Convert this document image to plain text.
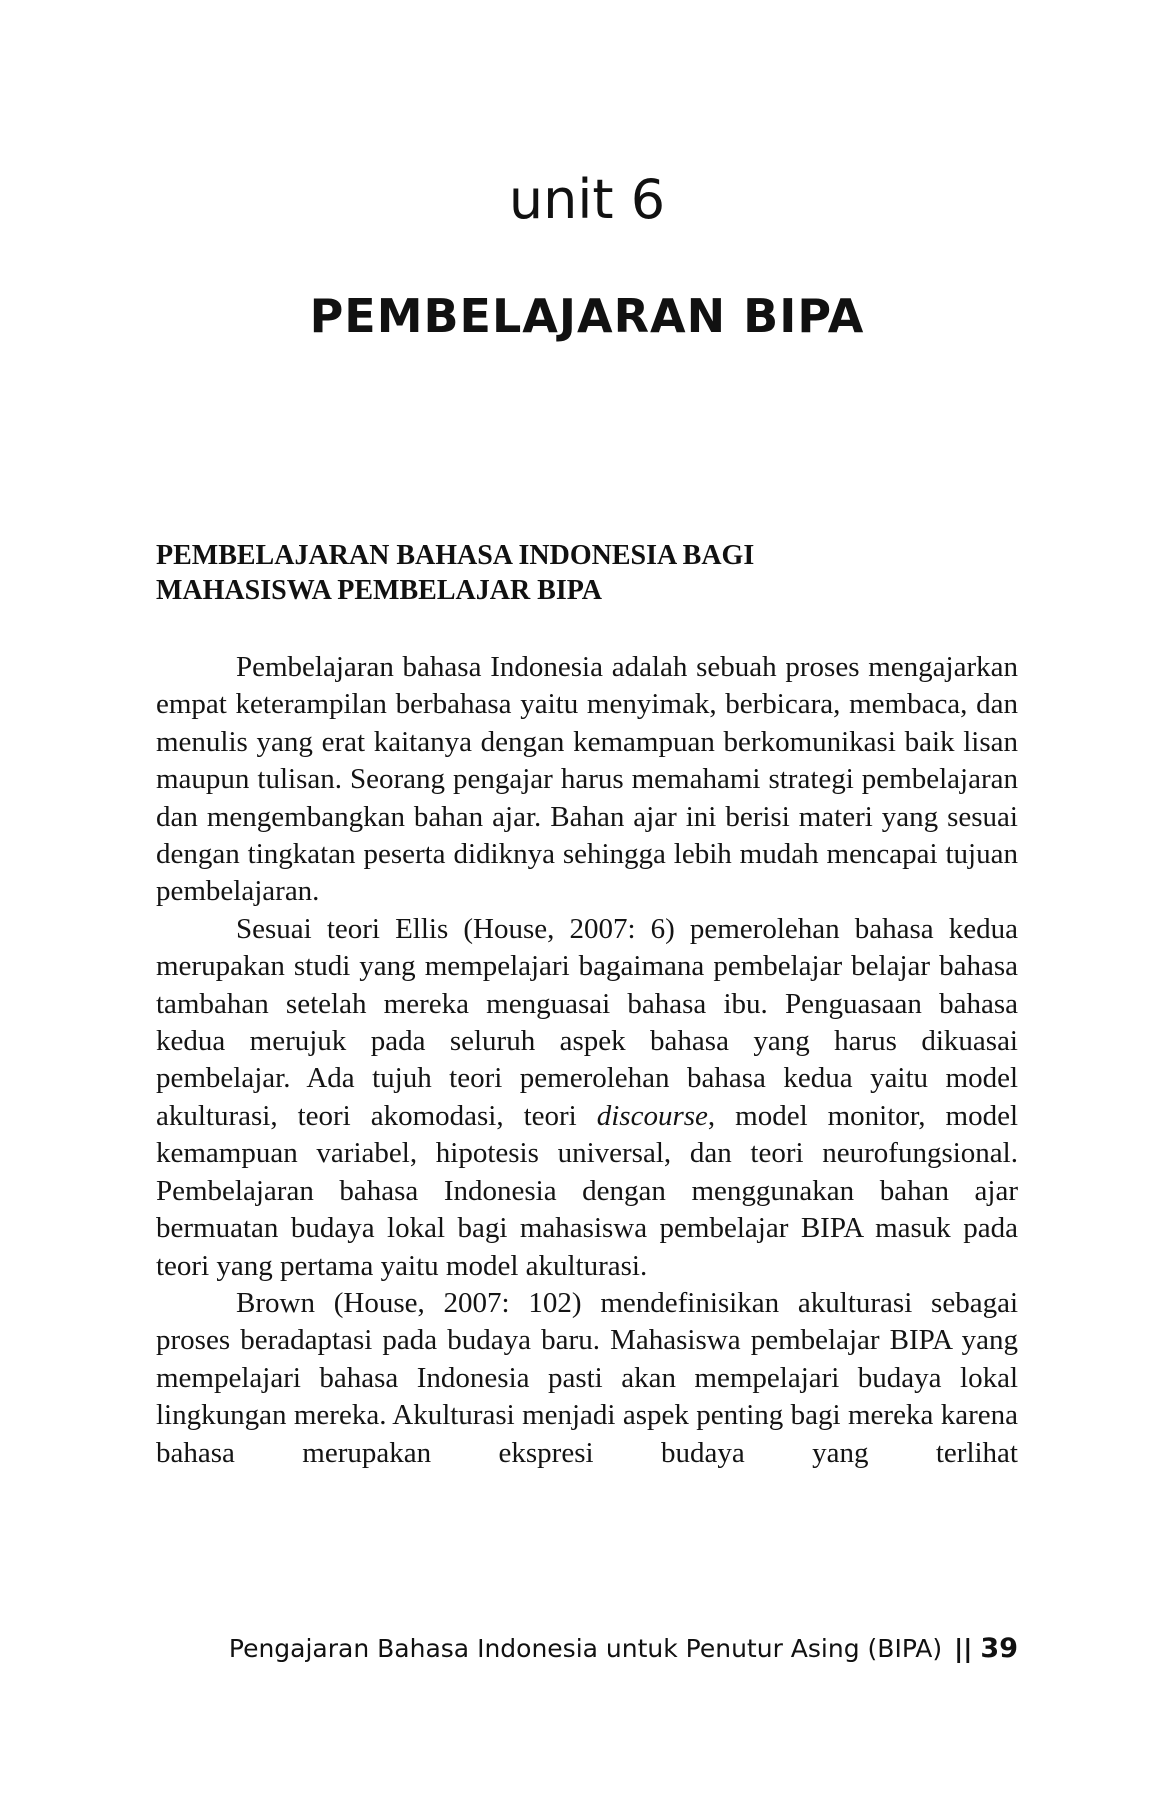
unit 6
PEMBELAJARAN BIPA
PEMBELAJARAN BAHASA INDONESIA BAGI
MAHASISWA PEMBELAJAR BIPA

Pembelajaran bahasa Indonesia adalah sebuah proses mengajarkan empat keterampilan berbahasa yaitu menyimak, berbicara, membaca, dan menulis yang erat kaitanya dengan kemampuan berkomunikasi baik lisan maupun tulisan. Seorang pengajar harus memahami strategi pembelajaran dan mengembangkan bahan ajar. Bahan ajar ini berisi materi yang sesuai dengan tingkatan peserta didiknya sehingga lebih mudah mencapai tujuan pembelajaran.

Sesuai teori Ellis (House, 2007: 6) pemerolehan bahasa kedua merupakan studi yang mempelajari bagaimana pembelajar belajar bahasa tambahan setelah mereka menguasai bahasa ibu. Penguasaan bahasa kedua merujuk pada seluruh aspek bahasa yang harus dikuasai pembelajar. Ada tujuh teori pemerolehan bahasa kedua yaitu model akulturasi, teori akomodasi, teori discourse, model monitor, model kemampuan variabel, hipotesis universal, dan teori neurofungsional. Pembelajaran bahasa Indonesia dengan menggunakan bahan ajar bermuatan budaya lokal bagi mahasiswa pembelajar BIPA masuk pada teori yang pertama yaitu model akulturasi.

Brown (House, 2007: 102) mendefinisikan akulturasi sebagai proses beradaptasi pada budaya baru. Mahasiswa pembelajar BIPA yang mempelajari bahasa Indonesia pasti akan mempelajari budaya lokal lingkungan mereka. Akulturasi menjadi aspek penting bagi mereka karena bahasa merupakan ekspresi budaya yang terlihat

Pengajaran Bahasa Indonesia untuk Penutur Asing (BIPA) || 39
